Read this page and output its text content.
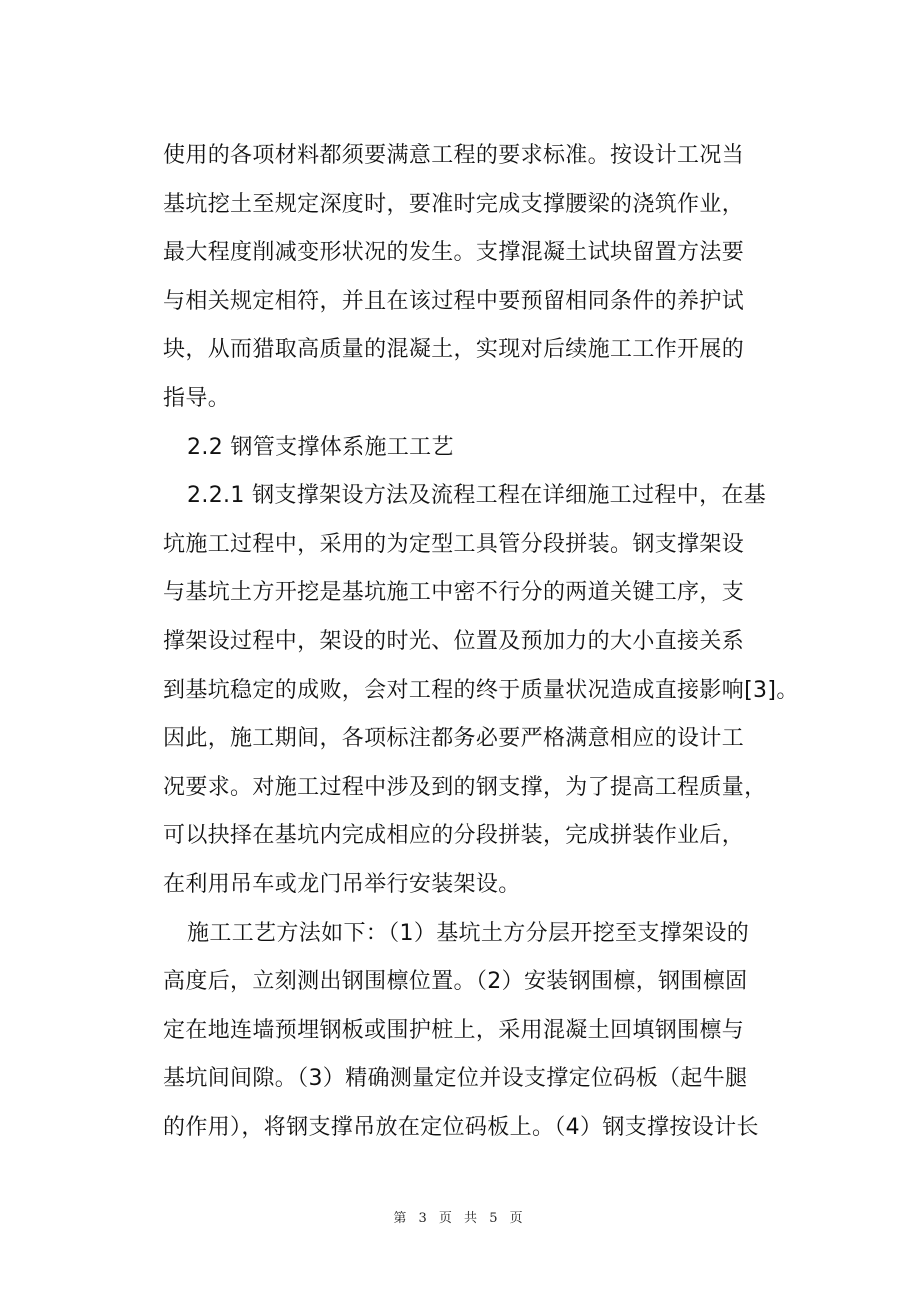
使用的各项材料都须要满意工程的要求标准。按设计工况当
基坑挖土至规定深度时，要准时完成支撑腰梁的浇筑作业，
最大程度削减变形状况的发生。支撑混凝土试块留置方法要
与相关规定相符，并且在该过程中要预留相同条件的养护试
块，从而猎取高质量的混凝土，实现对后续施工工作开展的
指导。
2.2 钢管支撑体系施工工艺
2.2.1 钢支撑架设方法及流程工程在详细施工过程中，在基
坑施工过程中，采用的为定型工具管分段拼装。钢支撑架设
与基坑土方开挖是基坑施工中密不行分的两道关键工序，支
撑架设过程中，架设的时光、位置及预加力的大小直接关系
到基坑稳定的成败，会对工程的终于质量状况造成直接影响[3]。
因此，施工期间，各项标注都务必要严格满意相应的设计工
况要求。对施工过程中涉及到的钢支撑，为了提高工程质量，
可以抉择在基坑内完成相应的分段拼装，完成拼装作业后，
在利用吊车或龙门吊举行安装架设。
施工工艺方法如下：（1）基坑土方分层开挖至支撑架设的
高度后，立刻测出钢围檩位置。（2）安装钢围檩，钢围檩固
定在地连墙预埋钢板或围护桩上，采用混凝土回填钢围檩与
基坑间间隙。（3）精确测量定位并设支撑定位码板（起牛腿
的作用），将钢支撑吊放在定位码板上。（4）钢支撑按设计长
第 3 页 共 5 页
